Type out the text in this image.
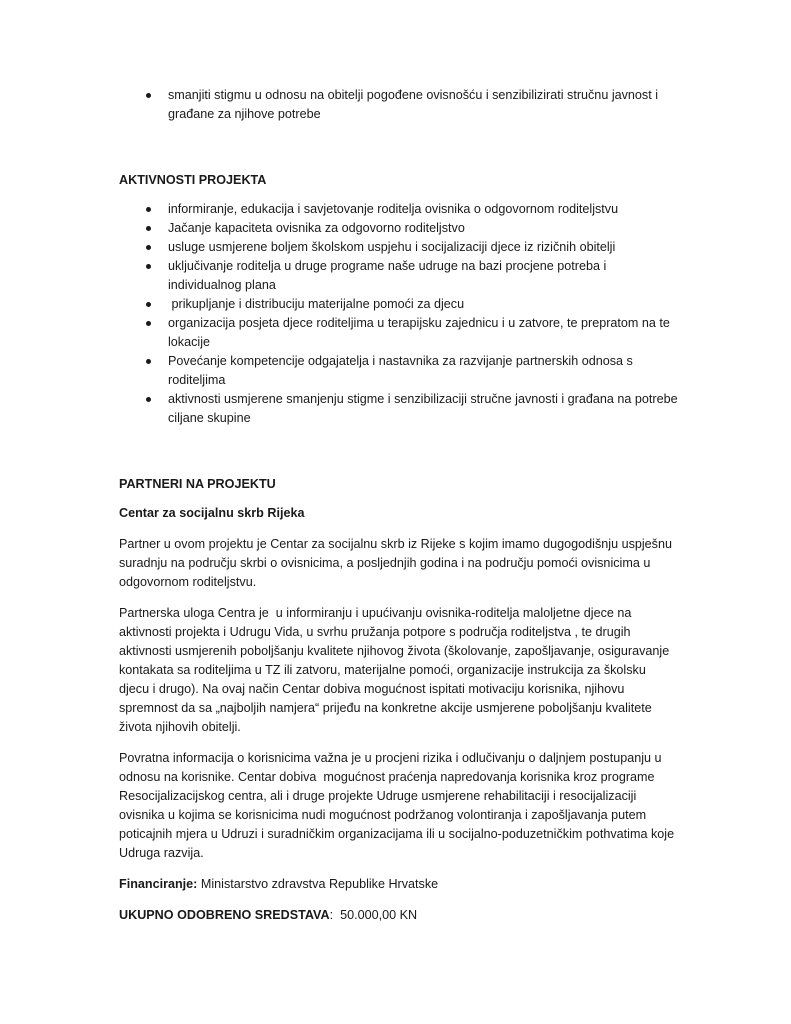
smanjiti stigmu u odnosu na obitelji pogođene ovisnošću i senzibilizirati stručnu javnost i građane za njihove potrebe

AKTIVNOSTI PROJEKTA

informiranje, edukacija i savjetovanje roditelja ovisnika o odgovornom roditeljstvu
Jačanje kapaciteta ovisnika za odgovorno roditeljstvo
usluge usmjerene boljem školskom uspjehu i socijalizaciji djece iz rizičnih obitelji
uključivanje roditelja u druge programe naše udruge na bazi procjene potreba i individualnog plana
prikupljanje i distribuciju materijalne pomoći za djecu
organizacija posjeta djece roditeljima u terapijsku zajednicu i u zatvore, te prepratom na te lokacije
Povećanje kompetencije odgajatelja i nastavnika za razvijanje partnerskih odnosa s roditeljima
aktivnosti usmjerene smanjenju stigme i senzibilizaciji stručne javnosti i građana na potrebe ciljane skupine

PARTNERI NA PROJEKTU

Centar za socijalnu skrb Rijeka

Partner u ovom projektu je Centar za socijalnu skrb iz Rijeke s kojim imamo dugogodišnju uspješnu suradnju na području skrbi o ovisnicima, a posljednjih godina i na području pomoći ovisnicima u odgovornom roditeljstvu.

Partnerska uloga Centra je  u informiranju i upućivanju ovisnika-roditelja maloljetne djece na aktivnosti projekta i Udrugu Vida, u svrhu pružanja potpore s područja roditeljstva , te drugih aktivnosti usmjerenih poboljšanju kvalitete njihovog života (školovanje, zapošljavanje, osiguravanje kontakata sa roditeljima u TZ ili zatvoru, materijalne pomoći, organizacije instrukcija za školsku djecu i drugo). Na ovaj način Centar dobiva mogućnost ispitati motivaciju korisnika, njihovu spremnost da sa „najboljih namjera“ prijeđu na konkretne akcije usmjerene poboljšanju kvalitete života njihovih obitelji.

Povratna informacija o korisnicima važna je u procjeni rizika i odlučivanju o daljnjem postupanju u odnosu na korisnike. Centar dobiva  mogućnost praćenja napredovanja korisnika kroz programe Resocijalizacijskog centra, ali i druge projekte Udruge usmjerene rehabilitaciji i resocijalizaciji ovisnika u kojima se korisnicima nudi mogućnost podržanog volontiranja i zapošljavanja putem poticajnih mjera u Udruzi i suradničkim organizacijama ili u socijalno-poduzetničkim pothvatima koje Udruga razvija.

Financiranje: Ministarstvo zdravstva Republike Hrvatske

UKUPNO ODOBRENO SREDSTAVA:  50.000,00 KN
